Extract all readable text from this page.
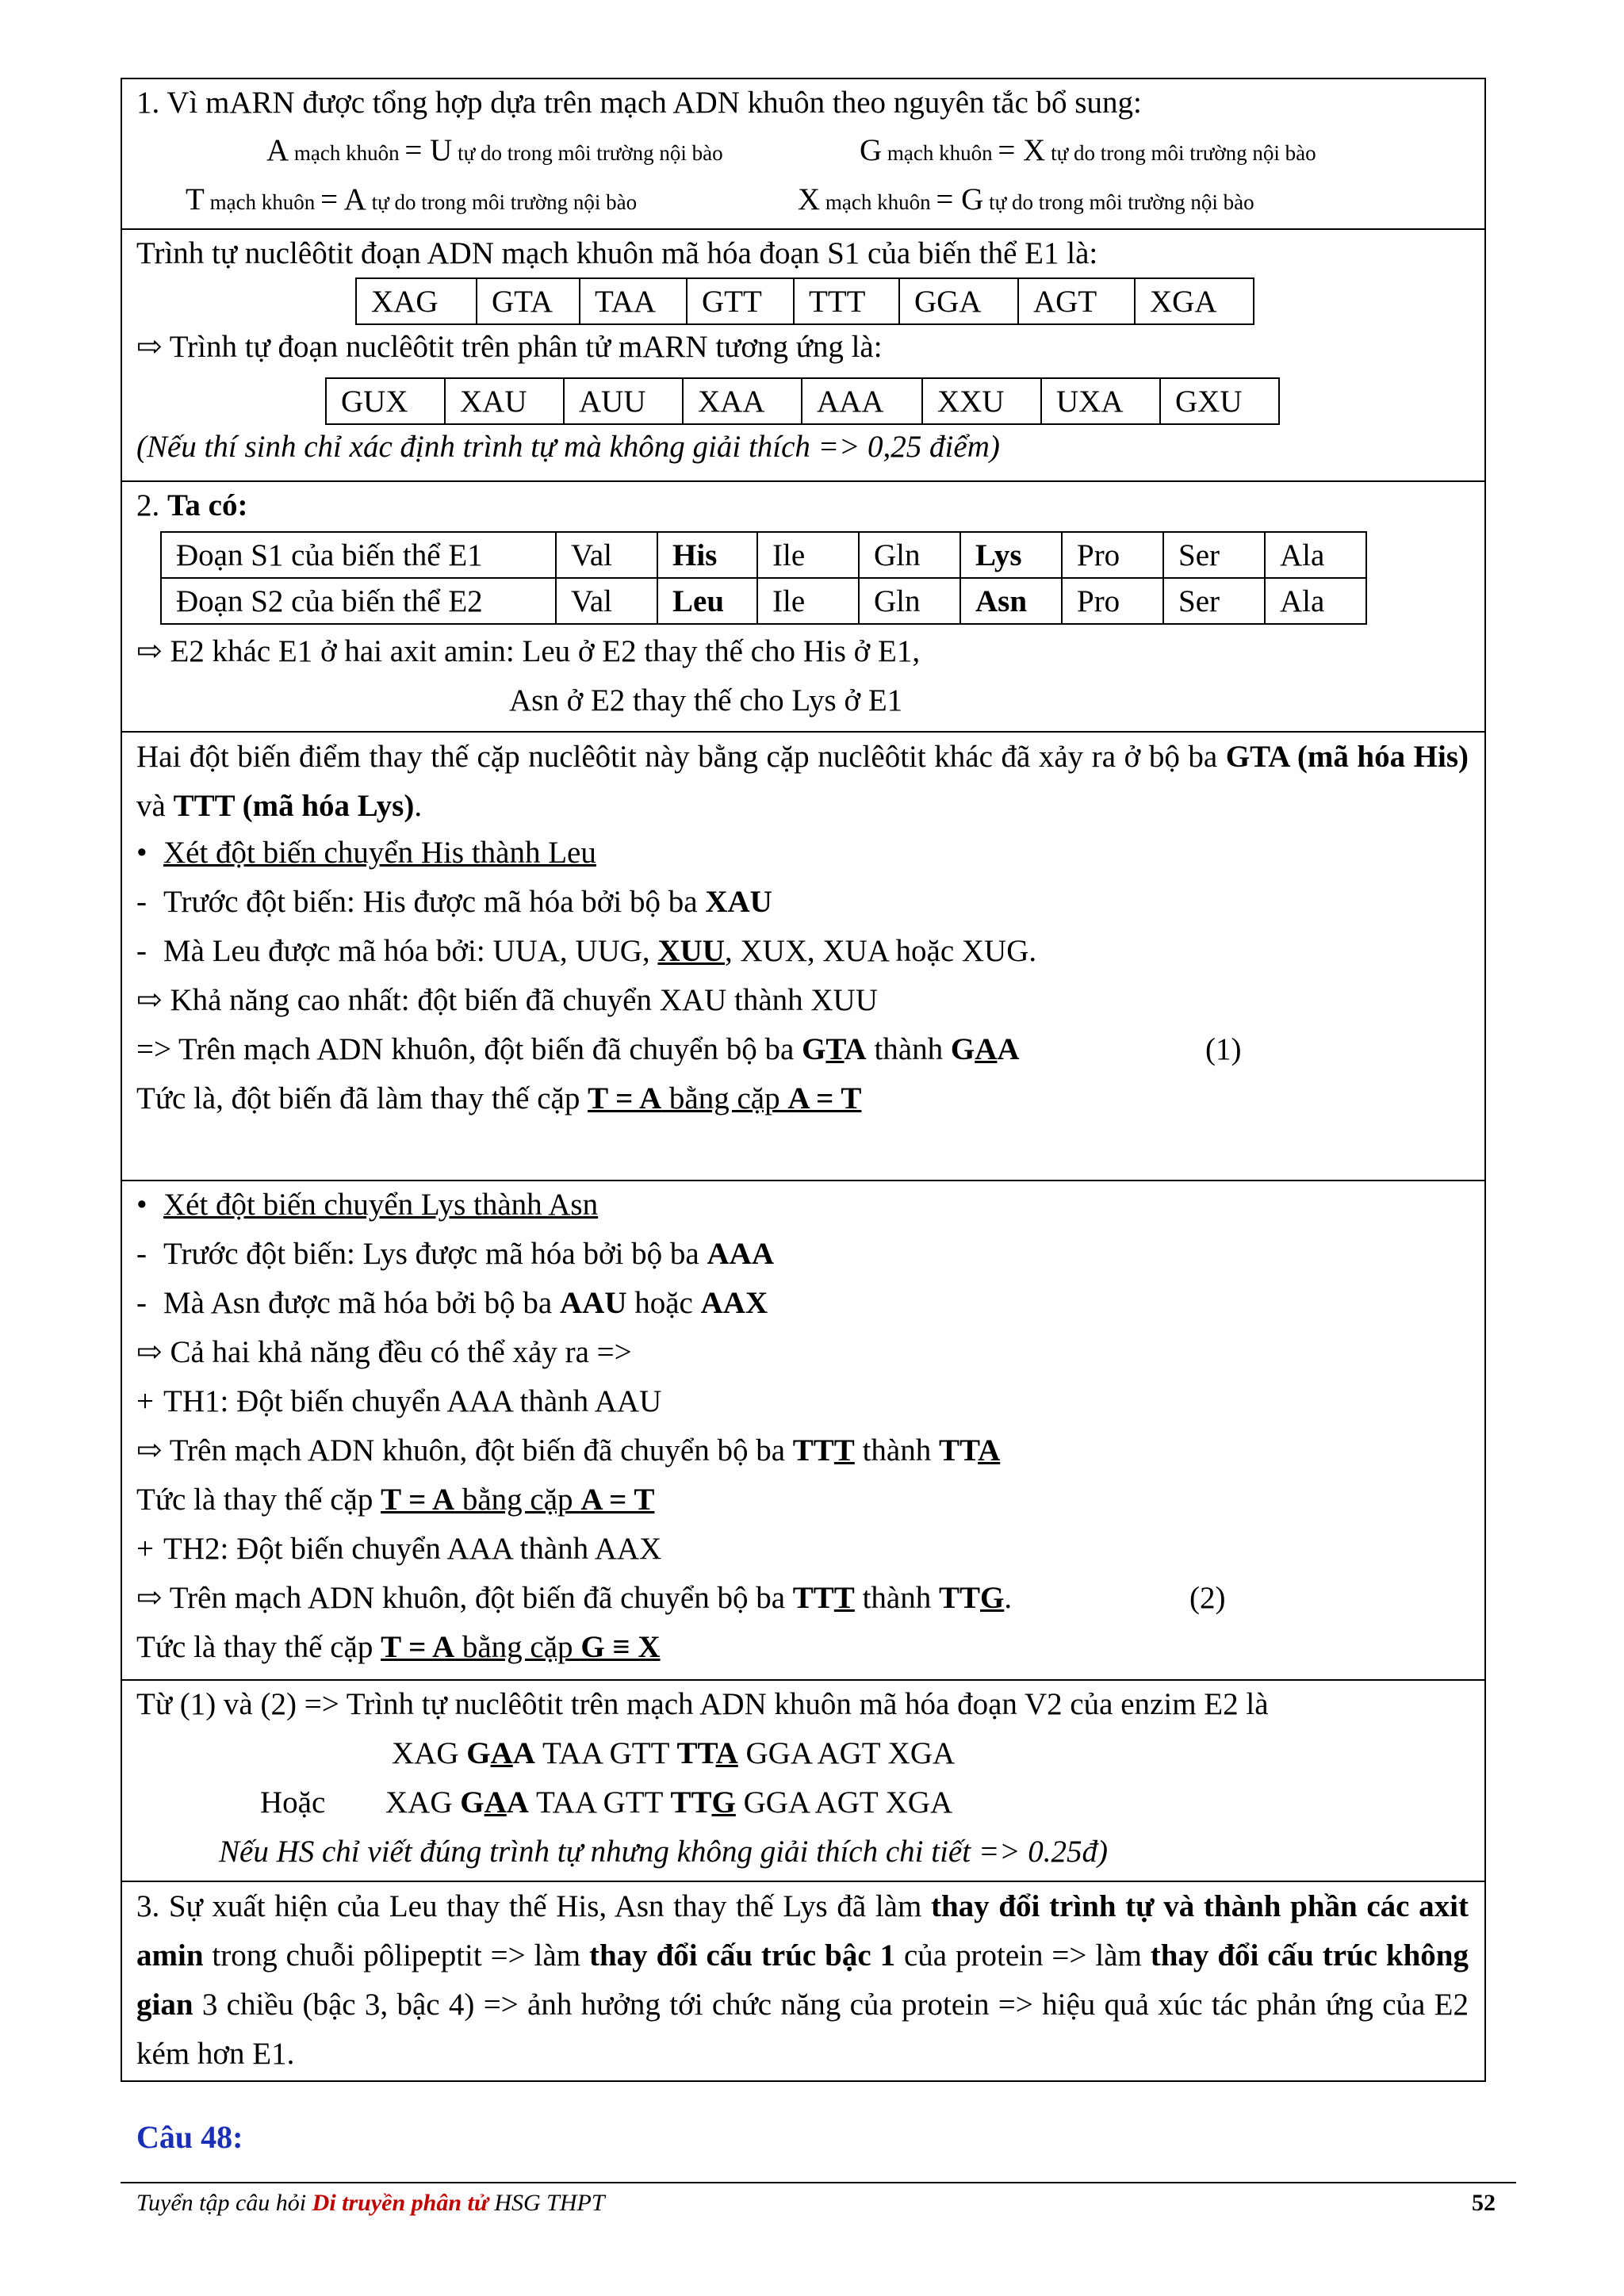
1. Vì mARN được tổng hợp dựa trên mạch ADN khuôn theo nguyên tắc bổ sung:
A mạch khuôn = U tự do trong môi trường nội bào	G mạch khuôn = X tự do trong môi trường nội bào
T mạch khuôn = A tự do trong môi trường nội bào	X mạch khuôn = G tự do trong môi trường nội bào
Trình tự nuclêôtit đoạn ADN mạch khuôn mã hóa đoạn S1 của biến thể E1 là:
XAG	GTA	TAA	GTT	TTT	GGA	AGT	XGA
⇨ Trình tự đoạn nuclêôtit trên phân tử mARN tương ứng là:
GUX	XAU	AUU	XAA	AAA	XXU	UXA	GXU
(Nếu thí sinh chỉ xác định trình tự mà không giải thích => 0,25 điểm)
2. Ta có:
Đoạn S1 của biến thể E1	Val	His	Ile	Gln	Lys	Pro	Ser	Ala
Đoạn S2 của biến thể E2	Val	Leu	Ile	Gln	Asn	Pro	Ser	Ala
⇨ E2 khác E1 ở hai axit amin: Leu ở E2 thay thế cho His ở E1,
Asn ở E2 thay thế cho Lys ở E1
Hai đột biến điểm thay thế cặp nuclêôtit này bằng cặp nuclêôtit khác đã xảy ra ở bộ ba GTA (mã hóa His) và TTT (mã hóa Lys).
• Xét đột biến chuyển His thành Leu
- Trước đột biến: His được mã hóa bởi bộ ba XAU
- Mà Leu được mã hóa bởi: UUA, UUG, XUU, XUX, XUA hoặc XUG.
⇨ Khả năng cao nhất: đột biến đã chuyển XAU thành XUU
=> Trên mạch ADN khuôn, đột biến đã chuyển bộ ba GTA thành GAA	(1)
Tức là, đột biến đã làm thay thế cặp T = A bằng cặp A = T
• Xét đột biến chuyển Lys thành Asn
- Trước đột biến: Lys được mã hóa bởi bộ ba AAA
- Mà Asn được mã hóa bởi bộ ba AAU hoặc AAX
⇨ Cả hai khả năng đều có thể xảy ra =>
+ TH1: Đột biến chuyển AAA thành AAU
⇨ Trên mạch ADN khuôn, đột biến đã chuyển bộ ba TTT thành TTA
Tức là thay thế cặp T = A bằng cặp A = T
+ TH2: Đột biến chuyển AAA thành AAX
⇨ Trên mạch ADN khuôn, đột biến đã chuyển bộ ba TTT thành TTG.	(2)
Tức là thay thế cặp T = A bằng cặp G ≡ X
Từ (1) và (2) => Trình tự nuclêôtit trên mạch ADN khuôn mã hóa đoạn V2 của enzim E2 là
XAG GAA TAA GTT TTA GGA AGT XGA
Hoặc XAG GAA TAA GTT TTG GGA AGT XGA
Nếu HS chỉ viết đúng trình tự nhưng không giải thích chi tiết => 0.25đ)
3. Sự xuất hiện của Leu thay thế His, Asn thay thế Lys đã làm thay đổi trình tự và thành phần các axit amin trong chuỗi pôlipeptit => làm thay đổi cấu trúc bậc 1 của protein => làm thay đổi cấu trúc không gian 3 chiều (bậc 3, bậc 4) => ảnh hưởng tới chức năng của protein => hiệu quả xúc tác phản ứng của E2 kém hơn E1.
Câu 48:
Tuyển tập câu hỏi Di truyền phân tử HSG THPT	52
